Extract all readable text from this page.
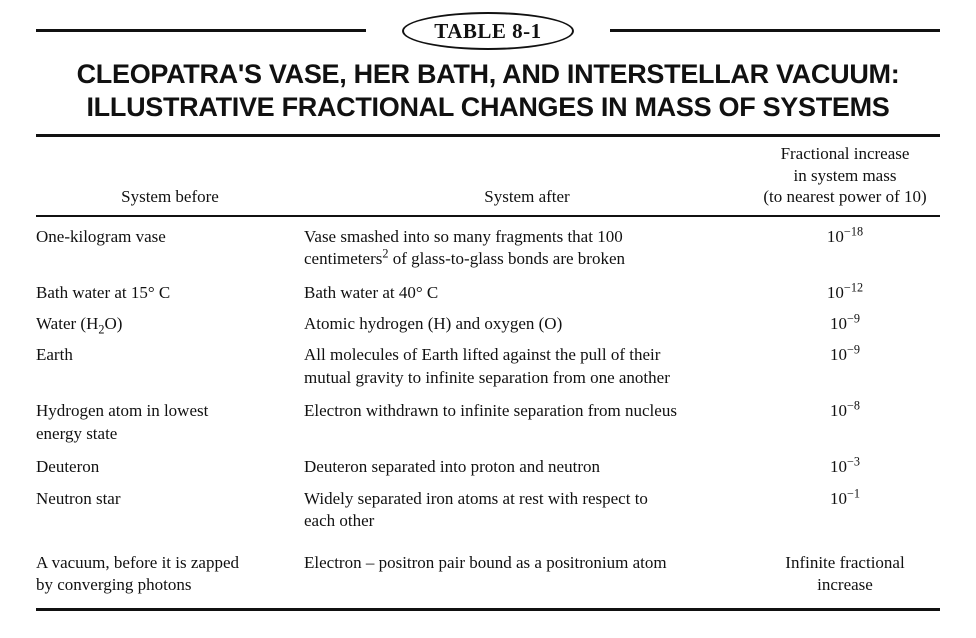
TABLE 8-1
CLEOPATRA'S VASE, HER BATH, AND INTERSTELLAR VACUUM:
ILLUSTRATIVE FRACTIONAL CHANGES IN MASS OF SYSTEMS
System before	System after	Fractional increase
in system mass
(to nearest power of 10)

One-kilogram vase	Vase smashed into so many fragments that 100
centimeters$^2$ of glass-to-glass bonds are broken	$10^{-18}$
Bath water at 15° C	Bath water at 40° C	$10^{-12}$
Water $(H_2O)$	Atomic hydrogen (H) and oxygen (O)	$10^{-9}$
Earth	All molecules of Earth lifted against the pull of their
mutual gravity to infinite separation from one another	$10^{-9}$

Hydrogen atom in lowest
energy state	Electron withdrawn to infinite separation from nucleus	$10^{-8}$
Deuteron	Deuteron separated into proton and neutron	$10^{-3}$
Neutron star	Widely separated iron atoms at rest with respect to
each other	$10^{-1}$

A vacuum, before it is zapped
by converging photons
	Electron – positron pair bound as a positronium atom	Infinite fractional
increase
